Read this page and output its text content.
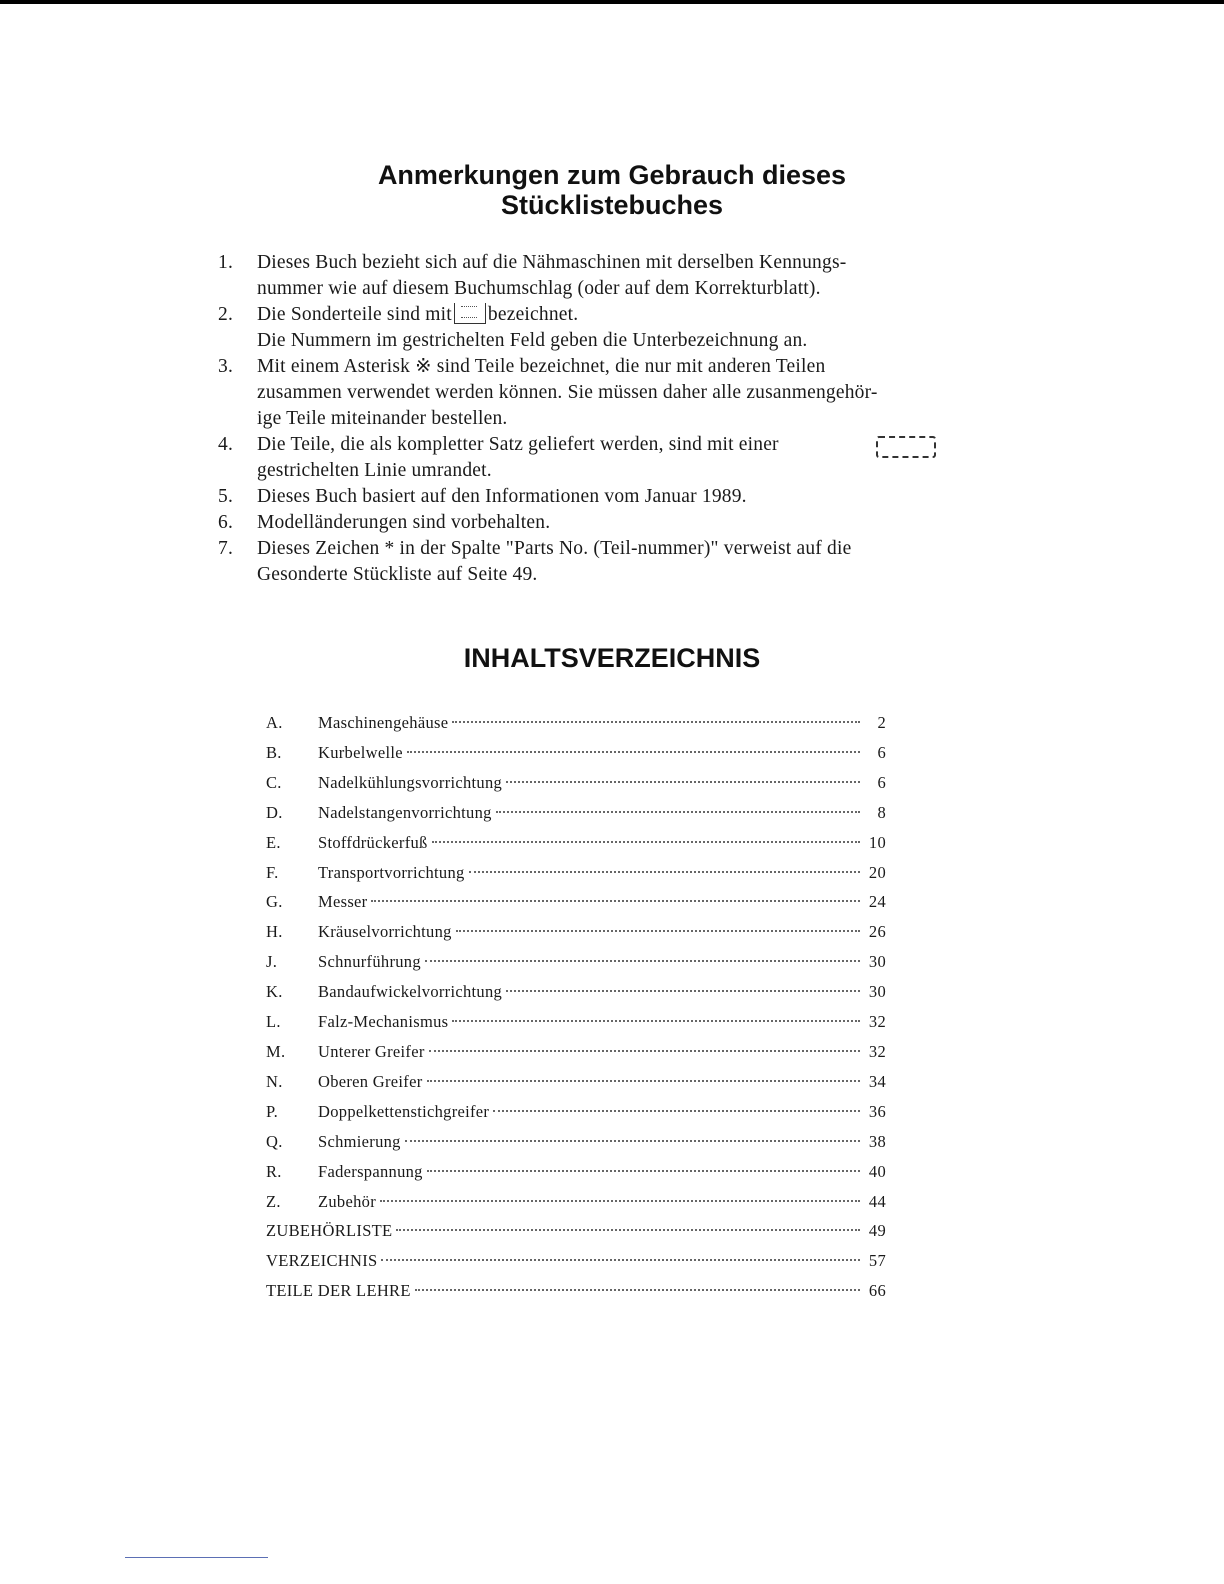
Anmerkungen zum Gebrauch dieses
Stücklistebuches
1.	Dieses Buch bezieht sich auf die Nähmaschinen mit derselben Kennungs-
nummer wie auf diesem Buchumschlag (oder auf dem Korrekturblatt).
2.	Die Sonderteile sind mit bezeichnet.
Die Nummern im gestrichelten Feld geben die Unterbezeichnung an.
3.	Mit einem Asterisk ※ sind Teile bezeichnet, die nur mit anderen Teilen
zusammen verwendet werden können. Sie müssen daher alle zusanmengehör-
ige Teile miteinander bestellen.
4.	Die Teile, die als kompletter Satz geliefert werden, sind mit einer
gestrichelten Linie umrandet.
5.	Dieses Buch basiert auf den Informationen vom Januar 1989.
6.	Modelländerungen sind vorbehalten.
7.	Dieses Zeichen * in der Spalte "Parts No. (Teil-nummer)" verweist auf die
Gesonderte Stückliste auf Seite 49.
INHALTSVERZEICHNIS
A.	Maschinengehäuse	2
B.	Kurbelwelle	6
C.	Nadelkühlungsvorrichtung	6
D.	Nadelstangenvorrichtung	8
E.	Stoffdrückerfuß	10
F.	Transportvorrichtung	20
G.	Messer	24
H.	Kräuselvorrichtung	26
J.	Schnurführung	30
K.	Bandaufwickelvorrichtung	30
L.	Falz-Mechanismus	32
M.	Unterer Greifer	32
N.	Oberen Greifer	34
P.	Doppelkettenstichgreifer	36
Q.	Schmierung	38
R.	Faderspannung	40
Z.	Zubehör	44
ZUBEHÖRLISTE	49
VERZEICHNIS	57
TEILE DER LEHRE	66
